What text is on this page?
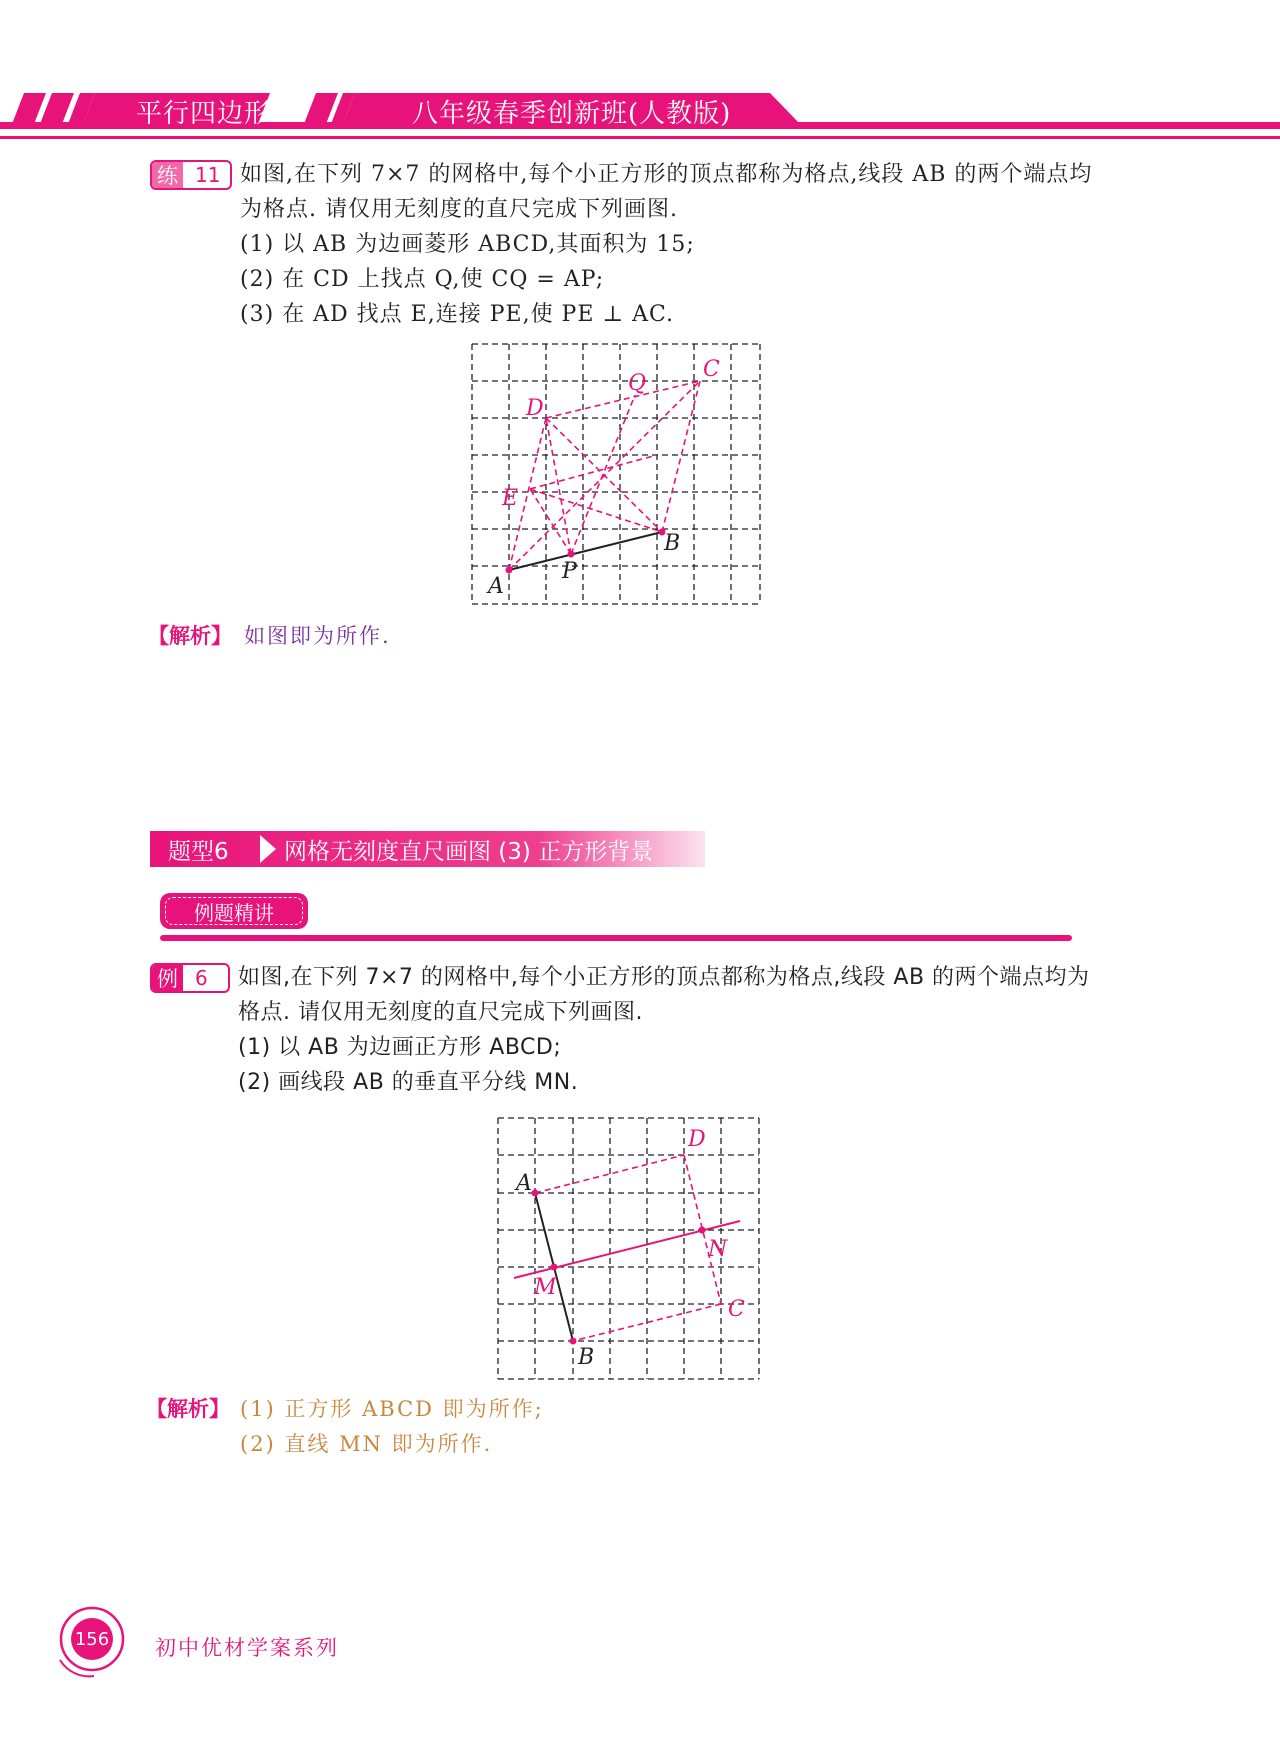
平行四边形	八年级春季创新班(人教版)
练 11 如图,在下列 7×7 的网格中,每个小正方形的顶点都称为格点,线段 AB 的两个端点均
为格点. 请仅用无刻度的直尺完成下列画图.
(1) 以 AB 为边画菱形 ABCD,其面积为 15;
(2) 在 CD 上找点 Q,使 CQ = AP;
(3) 在 AD 找点 E,连接 PE,使 PE ⊥ AC.
A
B
P
C
D
E
Q
【解析】 如图即为所作.
题型6	网格无刻度直尺画图 (3) 正方形背景
例题精讲
例 6	如图,在下列 7×7 的网格中,每个小正方形的顶点都称为格点,线段 AB 的两个端点均为
格点. 请仅用无刻度的直尺完成下列画图.
(1) 以 AB 为边画正方形 ABCD;
(2) 画线段 AB 的垂直平分线 MN.
A
B
C
D
M
N
【解析】 (1) 正方形 ABCD 即为所作;
(2) 直线 MN 即为所作.
156 初中优材学案系列
